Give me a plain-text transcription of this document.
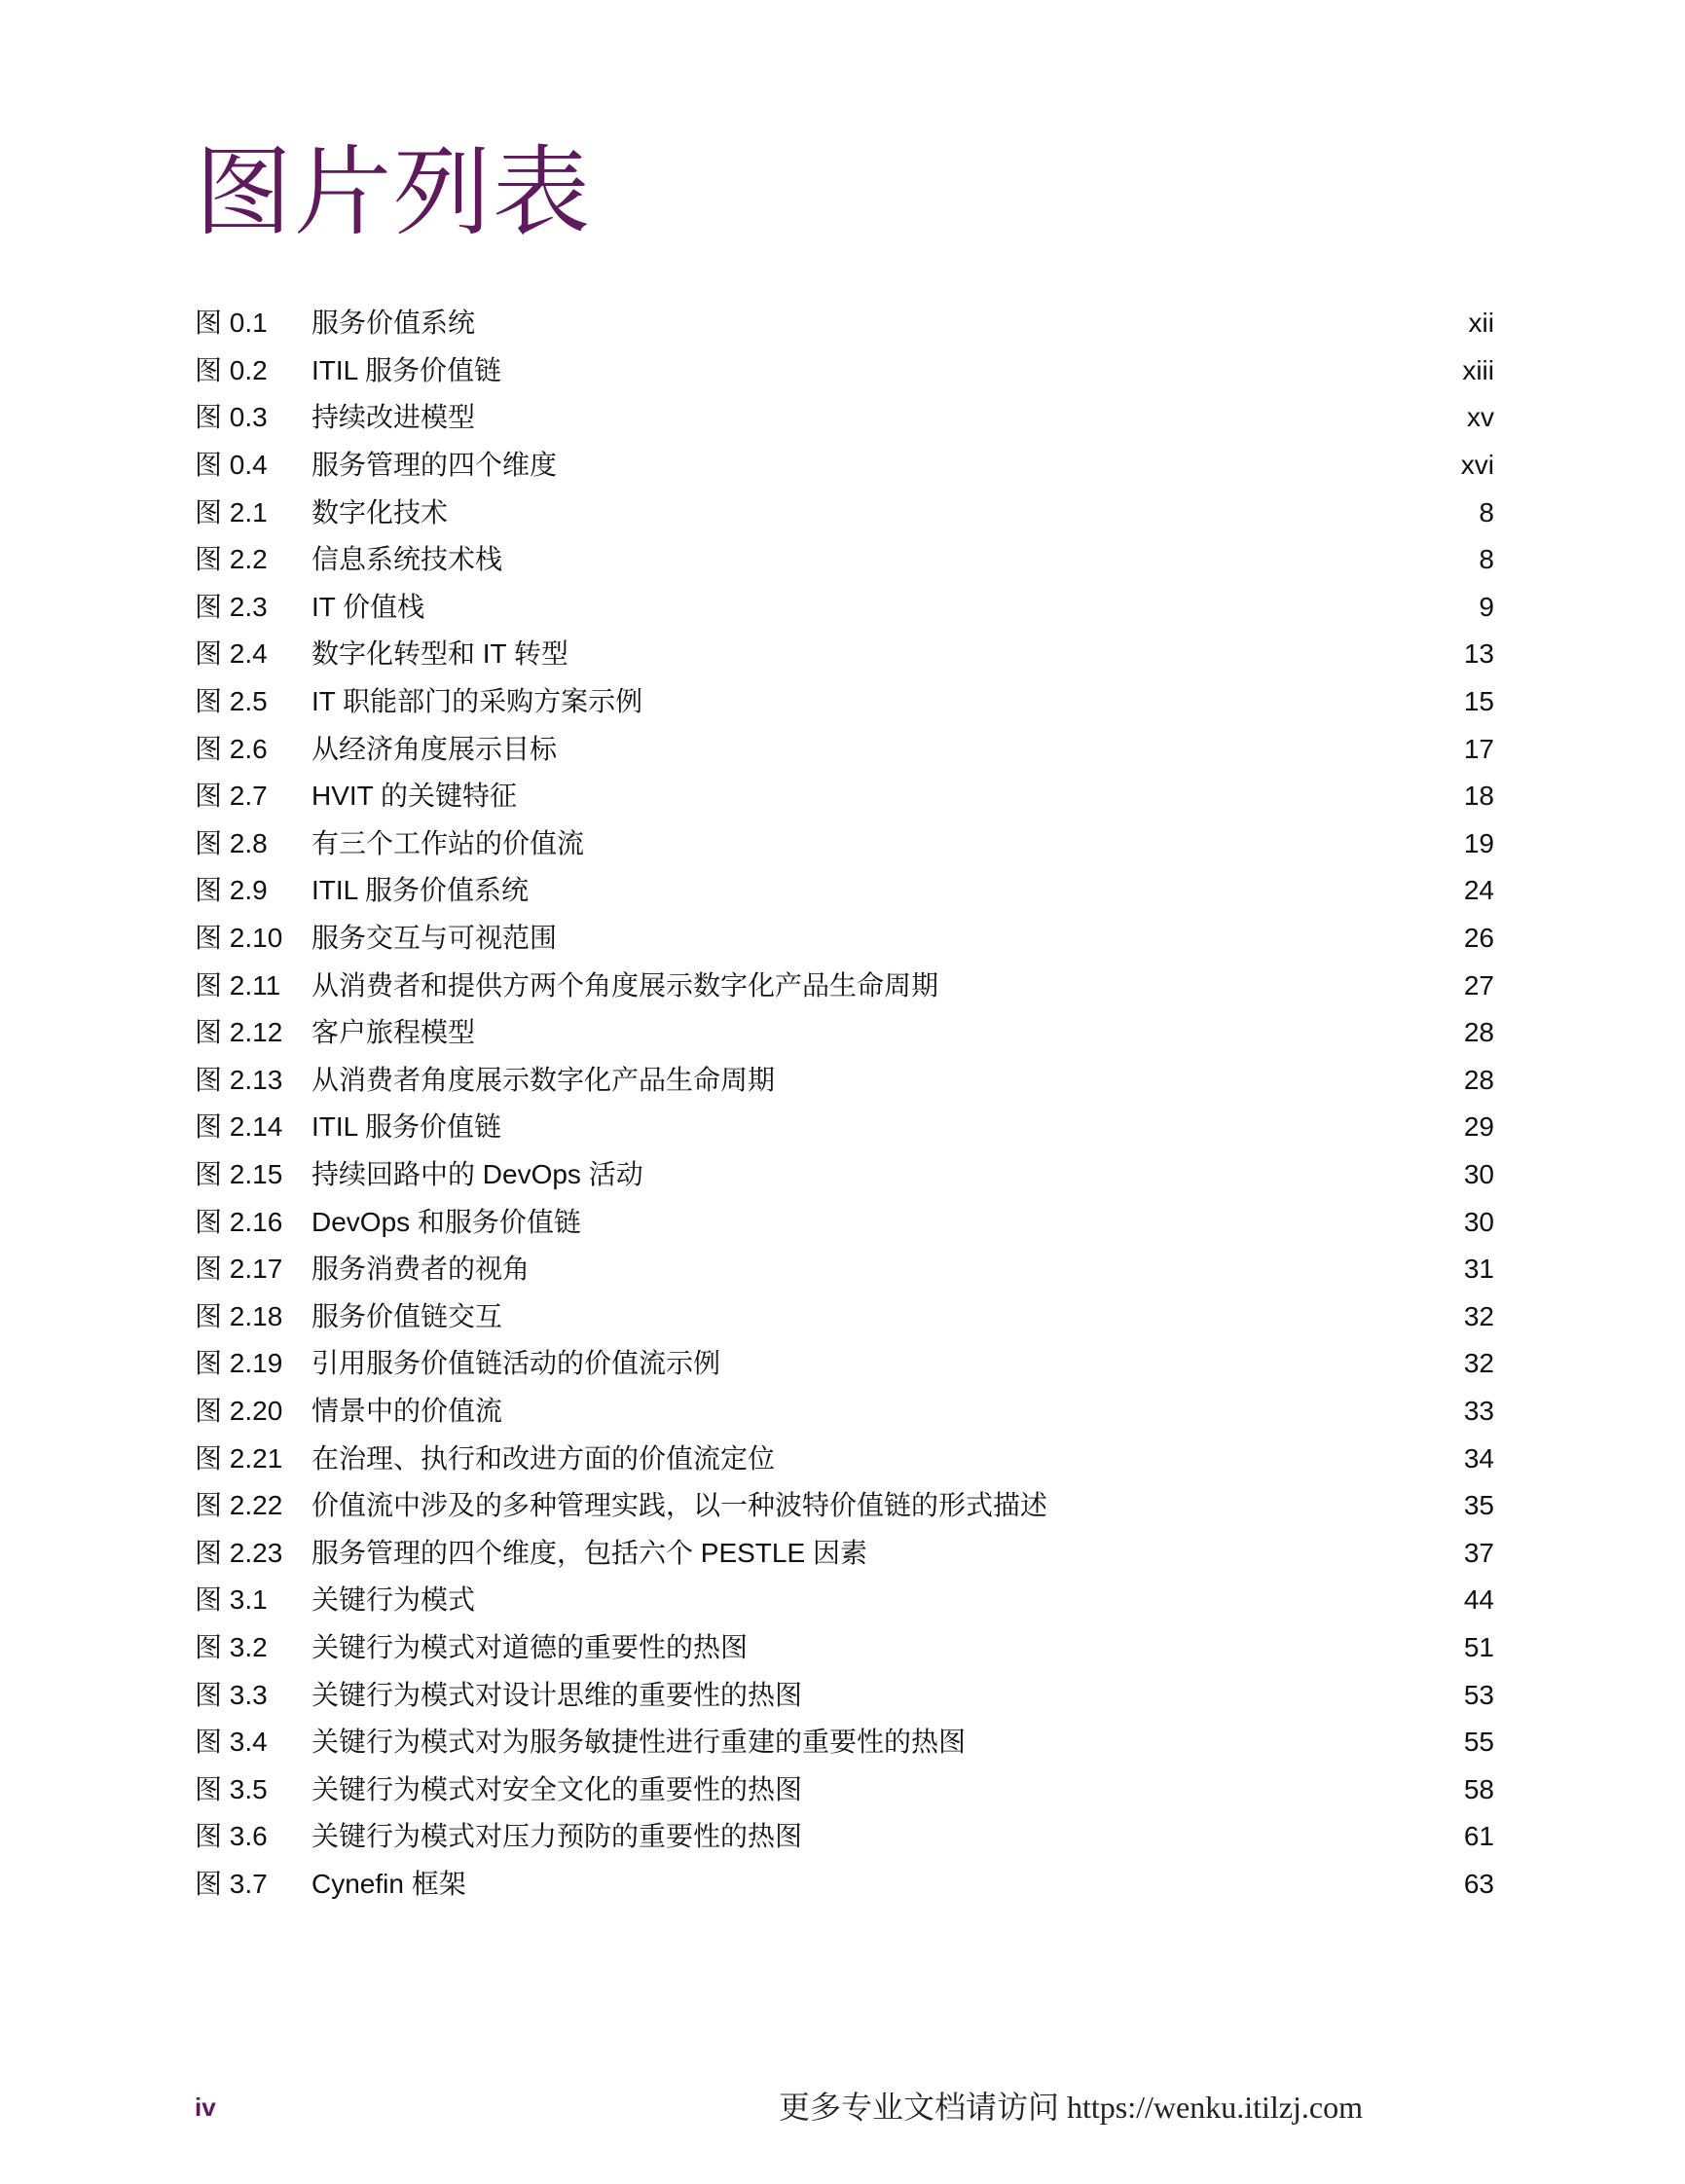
图片列表
图 0.1	服务价值系统	xii
图 0.2	ITIL 服务价值链	xiii
图 0.3	持续改进模型	xv
图 0.4	服务管理的四个维度	xvi
图 2.1	数字化技术	8
图 2.2	信息系统技术栈	8
图 2.3	IT 价值栈	9
图 2.4	数字化转型和 IT 转型	13
图 2.5	IT 职能部门的采购方案示例	15
图 2.6	从经济角度展示目标	17
图 2.7	HVIT 的关键特征	18
图 2.8	有三个工作站的价值流	19
图 2.9	ITIL 服务价值系统	24
图 2.10	服务交互与可视范围	26
图 2.11	从消费者和提供方两个角度展示数字化产品生命周期	27
图 2.12	客户旅程模型	28
图 2.13	从消费者角度展示数字化产品生命周期	28
图 2.14	ITIL 服务价值链	29
图 2.15	持续回路中的 DevOps 活动	30
图 2.16	DevOps 和服务价值链	30
图 2.17	服务消费者的视角	31
图 2.18	服务价值链交互	32
图 2.19	引用服务价值链活动的价值流示例	32
图 2.20	情景中的价值流	33
图 2.21	在治理、执行和改进方面的价值流定位	34
图 2.22	价值流中涉及的多种管理实践，以一种波特价值链的形式描述	35
图 2.23	服务管理的四个维度，包括六个 PESTLE 因素	37
图 3.1	关键行为模式	44
图 3.2	关键行为模式对道德的重要性的热图	51
图 3.3	关键行为模式对设计思维的重要性的热图	53
图 3.4	关键行为模式对为服务敏捷性进行重建的重要性的热图	55
图 3.5	关键行为模式对安全文化的重要性的热图	58
图 3.6	关键行为模式对压力预防的重要性的热图	61
图 3.7	Cynefin 框架	63
iv	更多专业文档请访问 https://wenku.itilzj.com
